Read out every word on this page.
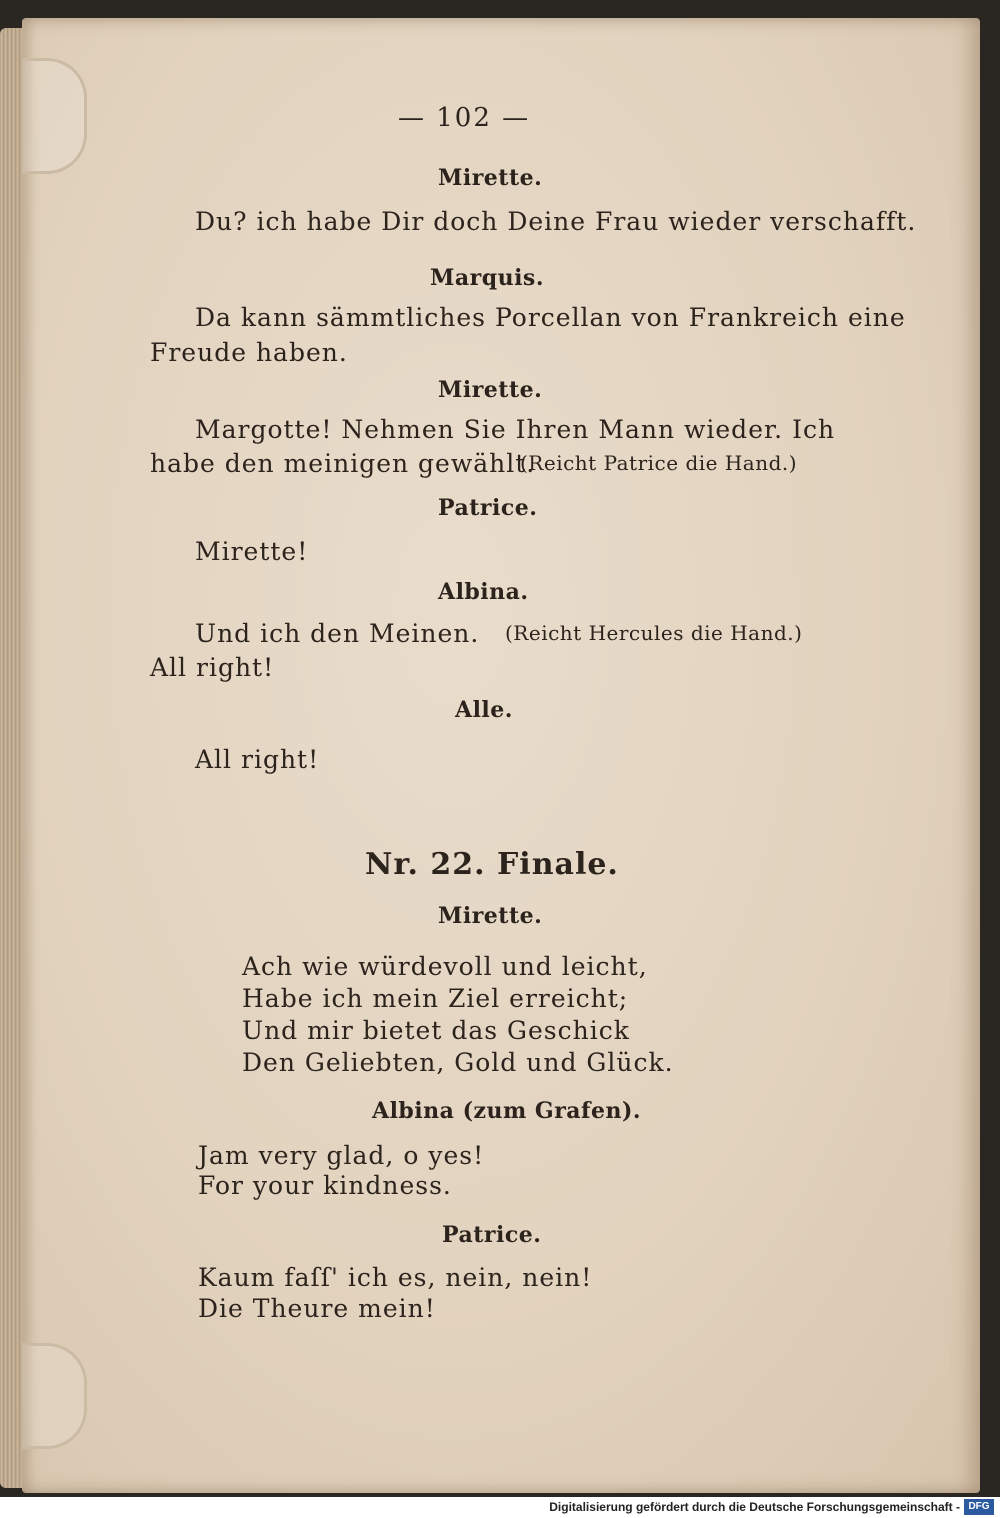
— 102 —
Mirette.
Du? ich habe Dir doch Deine Frau wieder verschafft.
Marquis.
Da kann sämmtliches Porcellan von Frankreich eine
Freude haben.
Mirette.
Margotte! Nehmen Sie Ihren Mann wieder. Ich
habe den meinigen gewählt.
(Reicht Patrice die Hand.)
Patrice.
Mirette!
Albina.
Und ich den Meinen. (Reicht Hercules die Hand.)
All right!
Alle.
All right!
Nr. 22. Finale.
Mirette.
Ach wie würdevoll und leicht,
Habe ich mein Ziel erreicht;
Und mir bietet das Geschick
Den Geliebten, Gold und Glück.
Albina (zum Grafen).
Jam very glad, o yes!
For your kindness.
Patrice.
Kaum faſſ' ich es, nein, nein!
Die Theure mein!
Digitalisierung gefördert durch die Deutsche Forschungsgemeinschaft - DFG
